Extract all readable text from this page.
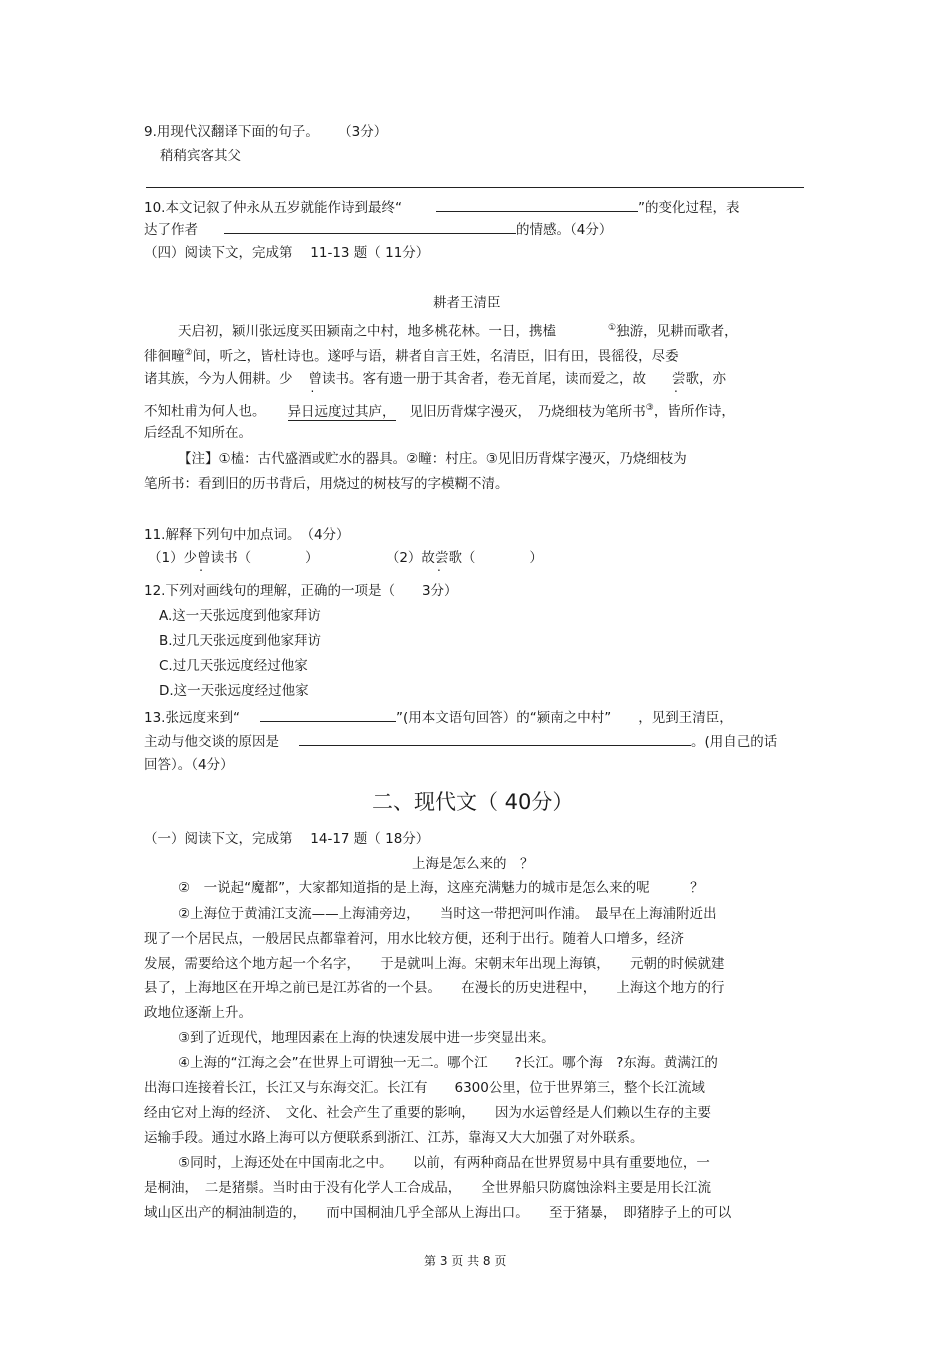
9.用现代汉翻译下面的句子。 （3分）
稍稍宾客其父
10.本文记叙了仲永从五岁就能作诗到最终“	”的变化过程，表
达了作者	的情感。（4分）
（四）阅读下文，完成第　 11-13 题（ 11分）
耕者王清臣
天启初，颍川张远度买田颍南之中村，地多桃花林。一日，携榼	①独游，见耕而歌者，
徘徊疃②间，听之，皆杜诗也。遂呼与语，耕者自言王姓，名清臣，旧有田，畏徭役，尽委
诸其族，今为人佣耕。少 曾读书。客有遗一册于其舍者，卷无首尾，读而爱之，故 尝歌，亦
不知杜甫为何人也。 异日远度过其庐， 见旧历背煤字漫灭，　乃烧细枝为笔所书③，皆所作诗，
后经乱不知所在。
【注】①榼：古代盛酒或贮水的器具。②疃：村庄。③见旧历背煤字漫灭，乃烧细枝为
笔所书：看到旧的历书背后，用烧过的树枝写的字模糊不清。
11.解释下列句中加点词。　（4分）
（1）少曾读书（　　　　）	（2）故尝歌（　　　　）
12.下列对画线句的理解，正确的一项是（　　3分）
A.这一天张远度到他家拜访
B.过几天张远度到他家拜访
C.过几天张远度经过他家
D.这一天张远度经过他家
13.张远度来到“	”(用本文语句回答）的“颍南之中村”　　，见到王清臣，
主动与他交谈的原因是	。(用自己的话
回答）。（4分）
二、现代文（ 40分）
（一）阅读下文，完成第　 14-17 题（ 18分）
上海是怎么来的　？
②　一说起“魔都”，大家都知道指的是上海，这座充满魅力的城市是怎么来的呢　　　？
②上海位于黄浦江支流——上海浦旁边，　　当时这一带把河叫作浦。　最早在上海浦附近出
现了一个居民点，一般居民点都靠着河，用水比较方便，还利于出行。随着人口增多，经济
发展，需要给这个地方起一个名字，　　于是就叫上海。宋朝末年出现上海镇，　　元朝的时候就建
县了，上海地区在开埠之前已是江苏省的一个县。　　在漫长的历史进程中，　　上海这个地方的行
政地位逐渐上升。
③到了近现代，地理因素在上海的快速发展中进一步突显出来。
④上海的“江海之会”在世界上可谓独一无二。哪个江　　?长江。哪个海　?东海。黄满江的
出海口连接着长江，长江又与东海交汇。长江有　　6300公里，位于世界第三，整个长江流域
经由它对上海的经济、　文化、社会产生了重要的影响，　　因为水运曾经是人们赖以生存的主要
运输手段。通过水路上海可以方便联系到浙江、江苏，靠海又大大加强了对外联系。
⑤同时，上海还处在中国南北之中。　　以前，有两种商品在世界贸易中具有重要地位，一
是桐油，　二是猪鬃。当时由于没有化学人工合成品，　　全世界船只防腐蚀涂料主要是用长江流
域山区出产的桐油制造的，　　而中国桐油几乎全部从上海出口。　　至于猪暴，　即猪脖子上的可以
第 3 页 共 8 页
